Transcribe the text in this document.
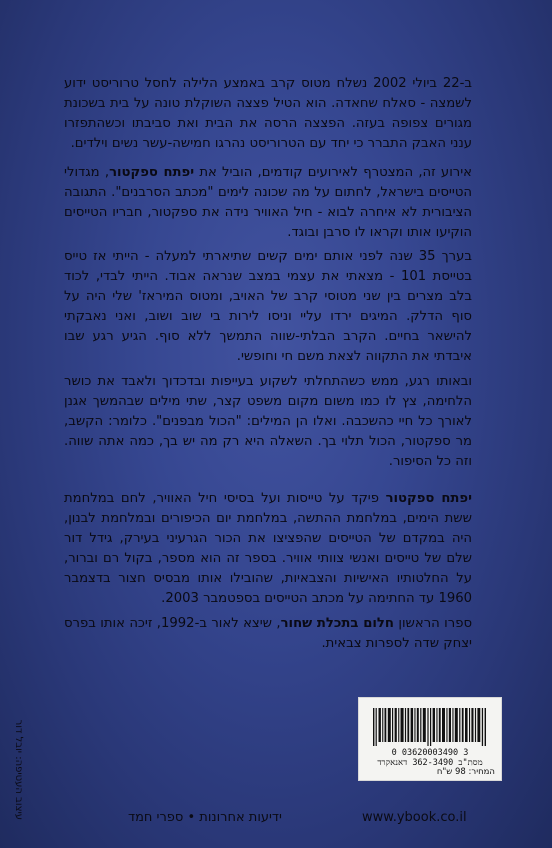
ב-22 ביולי 2002 נשלח מטוס קרב באמצע הלילה לחסל טרוריסט ידוע לשמצה - סאלח שחאדה. הוא הטיל פצצה השוקלת טונה על בית בשכונת מגורים צפופה בעזה. הפצצה הרסה את הבית ואת סביבתו וכשהתפזרו ענני האבק התברר כי יחד עם הטרוריסט נהרגו חמישה-עשר נשים וילדים.

אירוע זה, המצטרף לאירועים קודמים, הוביל את יפתח ספקטור, מגדולי הטייסים בישראל, לחתום על מה שכונה לימים "מכתב הסרבנים". התגובה הציבורית לא איחרה לבוא - חיל האוויר נידה את ספקטור, חבריו הטייסים הוקיעו אותו וקראו לו סרבן ובוגד.

בערך 35 שנה לפני אותם ימים קשים שתיארתי למעלה - הייתי אז טייס בטייסת 101 - מצאתי את עצמי במצב שנראה אבוד. הייתי לבדי, לכוד בלב מצרים בין שני מטוסי קרב של האויב, ומטוס המיראז' שלי היה על סוף הדלק. המיגים ירדו עליי וניסו לירות בי שוב ושוב, ואני נאבקתי להישאר בחיים. הקרב הבלתי-שווה התמשך ללא סוף. הגיע רגע שבו איבדתי את התקווה לצאת משם חי וחופשי.

ובאותו רגע, ממש כשהתחלתי לשקוע בעייפות ובדכדוך ולאבד את כושר הלחימה, צץ לו כמו משום מקום משפט קצר, שתי מילים שבהמשך אגנן לאורך כל חיי כהשכבה. ואלו הן המילים: "הכול מבפנים". כלומר: הקשב, מר ספקטור, הכול תלוי בך. השאלה היא רק מה יש בך, כמה אתה שווה. וזה כל הסיפור.

יפתח ספקטור פיקד על טייסות ועל בסיסי חיל האוויר, לחם במלחמת ששת הימים, במלחמת ההתשה, במלחמת יום הכיפורים ובמלחמת לבנון, היה במקדם של הטייסים שהפציצו את הכור הגרעיני בעירק, גידל דור שלם של טייסים ואנשי צוותי אוויר. בספר זה הוא מספר, בקול רם וברור, על החלטותיו האישיות והצבאיות, שהובילו אותו מבסיס חצור בדצמבר 1960 עד החתימה על מכתב הטייסים בספטמבר 2003.

ספרו הראשון חלום בתכלת שחור, שיצא לאור ב-1992, זיכה אותו בפרס יצחק שדה לספרות צבאית.

עיצוב העטיפה: יובל דור	0 03620003490 3
מסת"ב 362-3490 דאנאקרד
המחיר: 98 ש"ח
www.ybook.co.il
ידיעות אחרונות • ספרי חמד
